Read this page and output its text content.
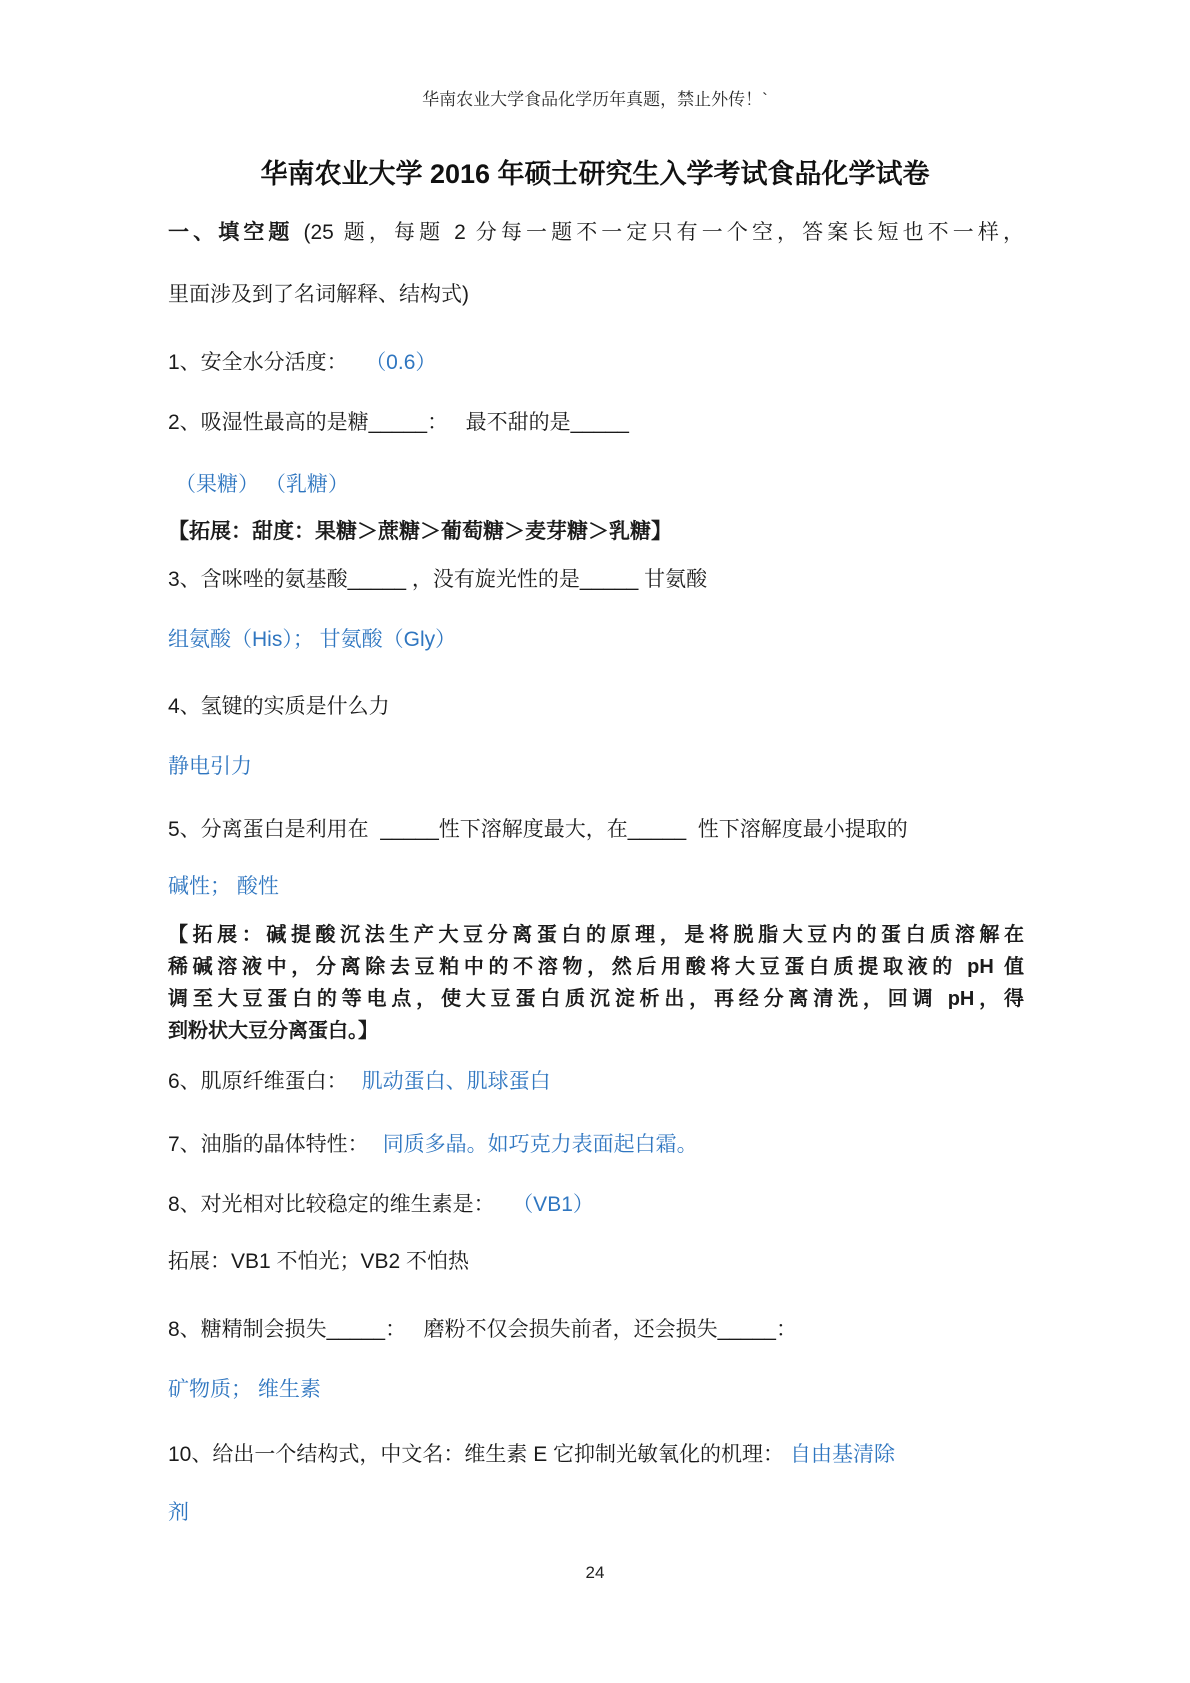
华南农业大学食品化学历年真题，禁止外传！`
华南农业大学 2016 年硕士研究生入学考试食品化学试卷
一、填空题 (25 题，每题 2 分每一题不一定只有一个空，答案长短也不一样，
里面涉及到了名词解释、结构式)
1、安全水分活度： （0.6）
2、吸湿性最高的是糖_____：   最不甜的是_____
（果糖） （乳糖）
【拓展：甜度：果糖＞蔗糖＞葡萄糖＞麦芽糖＞乳糖】
3、含咪唑的氨基酸_____ ，没有旋光性的是_____ 甘氨酸
组氨酸（His）； 甘氨酸（Gly）
4、氢键的实质是什么力
静电引力
5、分离蛋白是利用在  _____性下溶解度最大，在_____  性下溶解度最小提取的
碱性； 酸性
【拓展：碱提酸沉法生产大豆分离蛋白的原理，是将脱脂大豆内的蛋白质溶解在
稀碱溶液中，分离除去豆粕中的不溶物，然后用酸将大豆蛋白质提取液的 pH 值
调至大豆蛋白的等电点，使大豆蛋白质沉淀析出，再经分离清洗，回调 pH，得
到粉状大豆分离蛋白。】
6、肌原纤维蛋白： 肌动蛋白、肌球蛋白
7、油脂的晶体特性： 同质多晶。如巧克力表面起白霜。
8、对光相对比较稳定的维生素是： （VB1）
拓展：VB1 不怕光；VB2 不怕热
8、糖精制会损失_____：   磨粉不仅会损失前者，还会损失_____：
矿物质； 维生素
10、给出一个结构式，中文名：维生素 E 它抑制光敏氧化的机理： 自由基清除
剂
24
